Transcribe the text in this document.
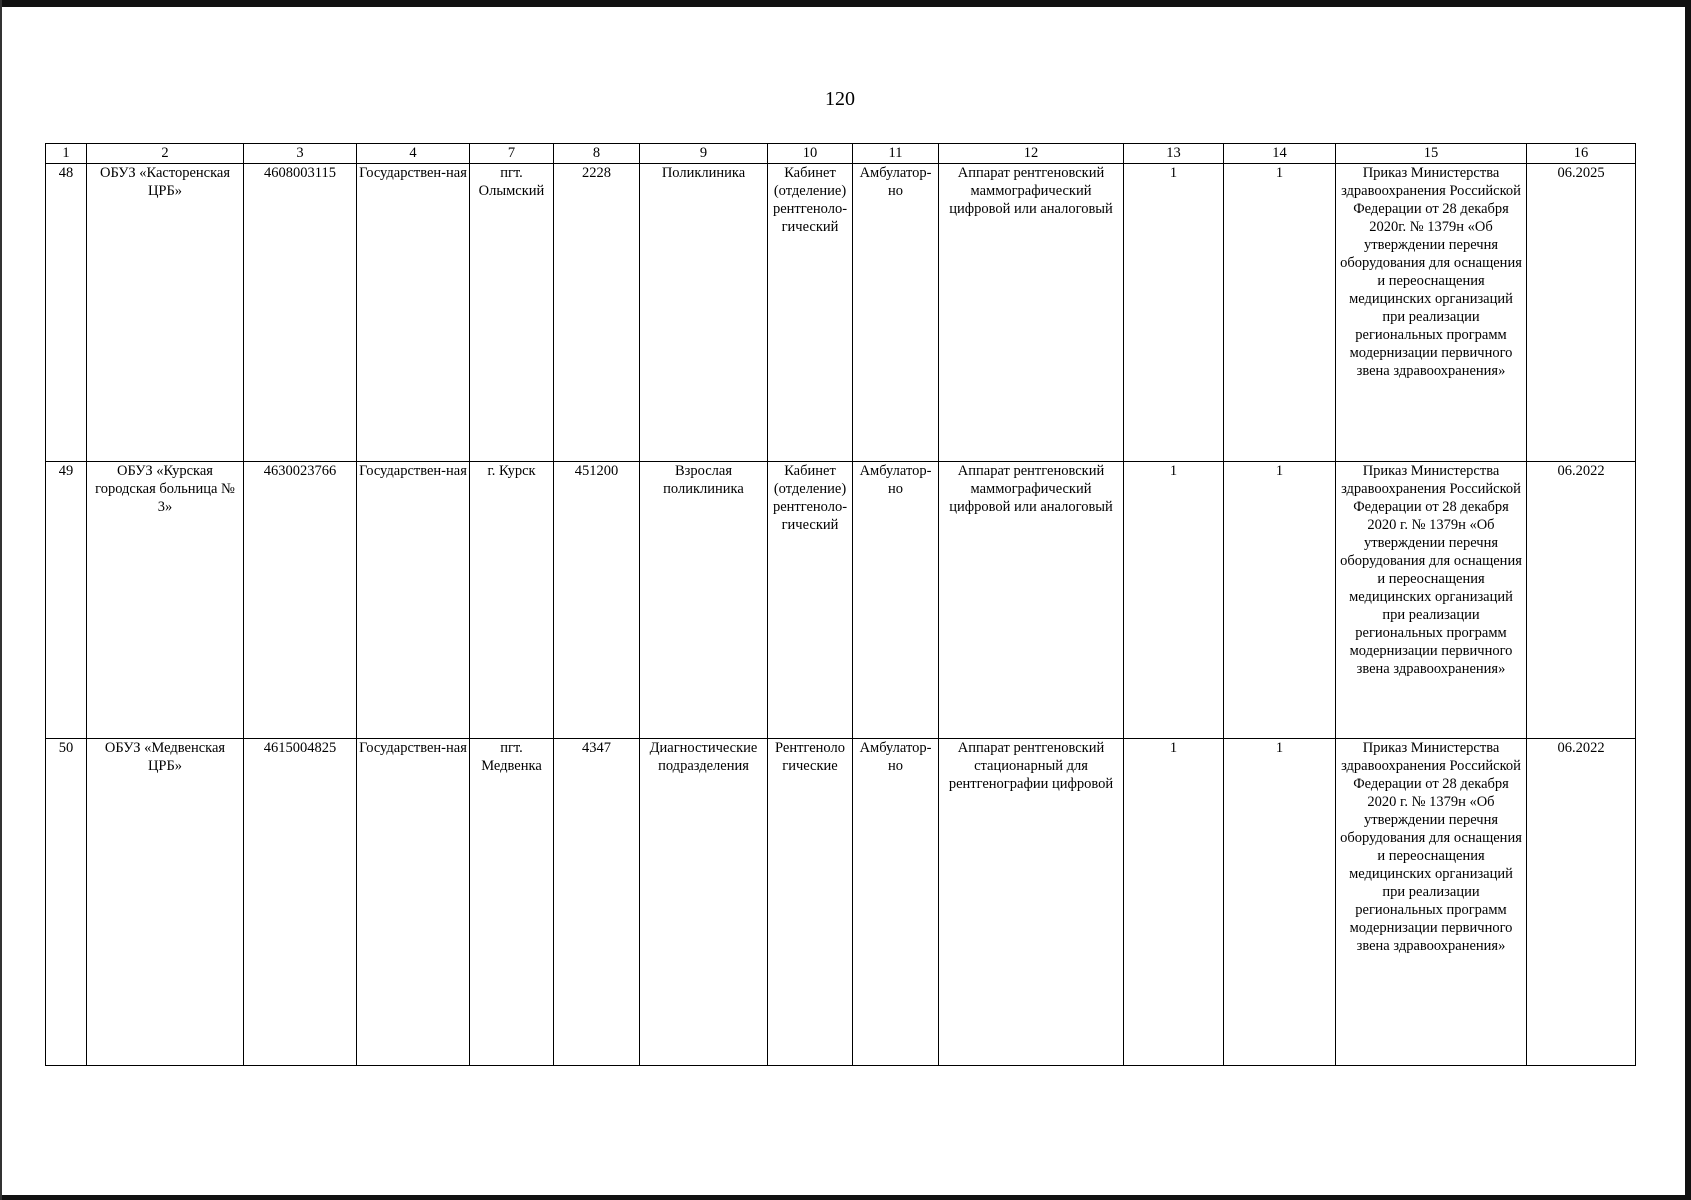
120
1	2	3	4	7	8	9	10	11	12	13	14	15	16
48	ОБУЗ «Касторенская ЦРБ»	4608003115	Государствен-ная	пгт. Олымский	2228	Поликлиника	Кабинет (отделение) рентгеноло-гический	Амбулатор-но	Аппарат рентгеновский маммографический цифровой или аналоговый	1	1	Приказ Министерства здравоохранения Российской Федерации от 28 декабря 2020г. № 1379н «Об утверждении перечня оборудования для оснащения и переоснащения медицинских организаций при реализации региональных программ модернизации первичного звена здравоохранения»	06.2025
49	ОБУЗ «Курская городская больница № 3»	4630023766	Государствен-ная	г. Курск	451200	Взрослая поликлиника	Кабинет (отделение) рентгеноло-гический	Амбулатор-но	Аппарат рентгеновский маммографический цифровой или аналоговый	1	1	Приказ Министерства здравоохранения Российской Федерации от 28 декабря 2020 г. № 1379н «Об утверждении перечня оборудования для оснащения и переоснащения медицинских организаций при реализации региональных программ модернизации первичного звена здравоохранения»	06.2022
50	ОБУЗ «Медвенская ЦРБ»	4615004825	Государствен-ная	пгт. Медвенка	4347	Диагностические подразделения	Рентгеноло гические	Амбулатор-но	Аппарат рентгеновский стационарный для рентгенографии цифровой	1	1	Приказ Министерства здравоохранения Российской Федерации от 28 декабря 2020 г. № 1379н «Об утверждении перечня оборудования для оснащения и переоснащения медицинских организаций при реализации региональных программ модернизации первичного звена здравоохранения»	06.2022
